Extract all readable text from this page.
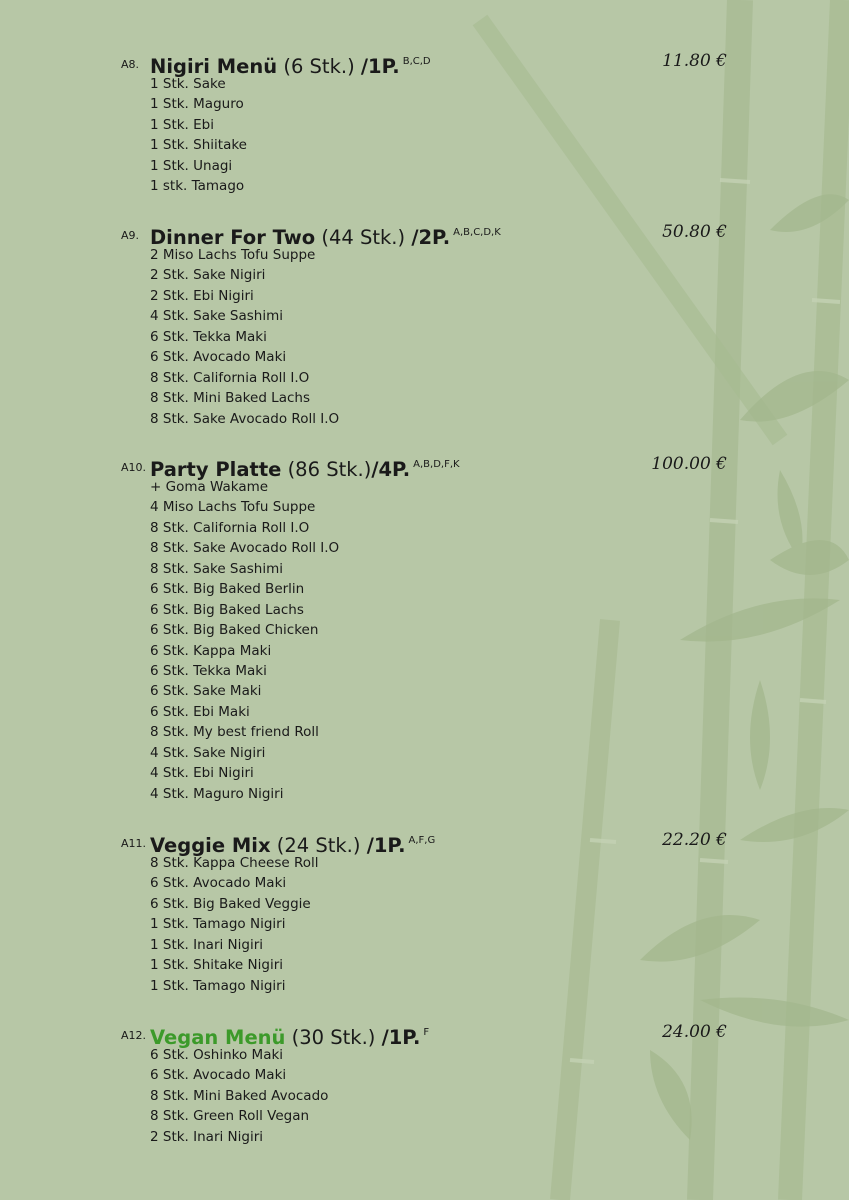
A8. Nigiri Menü (6 Stk.) /1P. $^{B,C,D}$	11.80 €
1 Stk. Sake
1 Stk. Maguro
1 Stk. Ebi
1 Stk. Shiitake
1 Stk. Unagi
1 stk. Tamago
A9. Dinner For Two (44 Stk.) /2P. $^{A,B,C,D,K}$	50.80 €
2 Miso Lachs Tofu Suppe
2 Stk. Sake Nigiri
2 Stk. Ebi Nigiri
4 Stk. Sake Sashimi
6 Stk. Tekka Maki
6 Stk. Avocado Maki
8 Stk. California Roll I.O
8 Stk. Mini Baked Lachs
8 Stk. Sake Avocado Roll I.O
A10. Party Platte (86 Stk.)/4P. $^{A,B,D,F,K}$	100.00 €
+ Goma Wakame
4 Miso Lachs Tofu Suppe
8 Stk. California Roll I.O
8 Stk. Sake Avocado Roll I.O
8 Stk. Sake Sashimi
6 Stk. Big Baked Berlin
6 Stk. Big Baked Lachs
6 Stk. Big Baked Chicken
6 Stk. Kappa Maki
6 Stk. Tekka Maki
6 Stk. Sake Maki
6 Stk. Ebi Maki
8 Stk. My best friend Roll
4 Stk. Sake Nigiri
4 Stk. Ebi Nigiri
4 Stk. Maguro Nigiri
A11. Veggie Mix (24 Stk.) /1P. $^{A,F,G}$	22.20 €
8 Stk. Kappa Cheese Roll
6 Stk. Avocado Maki
6 Stk. Big Baked Veggie
1 Stk. Tamago Nigiri
1 Stk. Inari Nigiri
1 Stk. Shitake Nigiri
1 Stk. Tamago Nigiri
A12. Vegan Menü (30 Stk.) /1P. $^F$	24.00 €
6 Stk. Oshinko Maki
6 Stk. Avocado Maki
8 Stk. Mini Baked Avocado
8 Stk. Green Roll Vegan
2 Stk. Inari Nigiri
